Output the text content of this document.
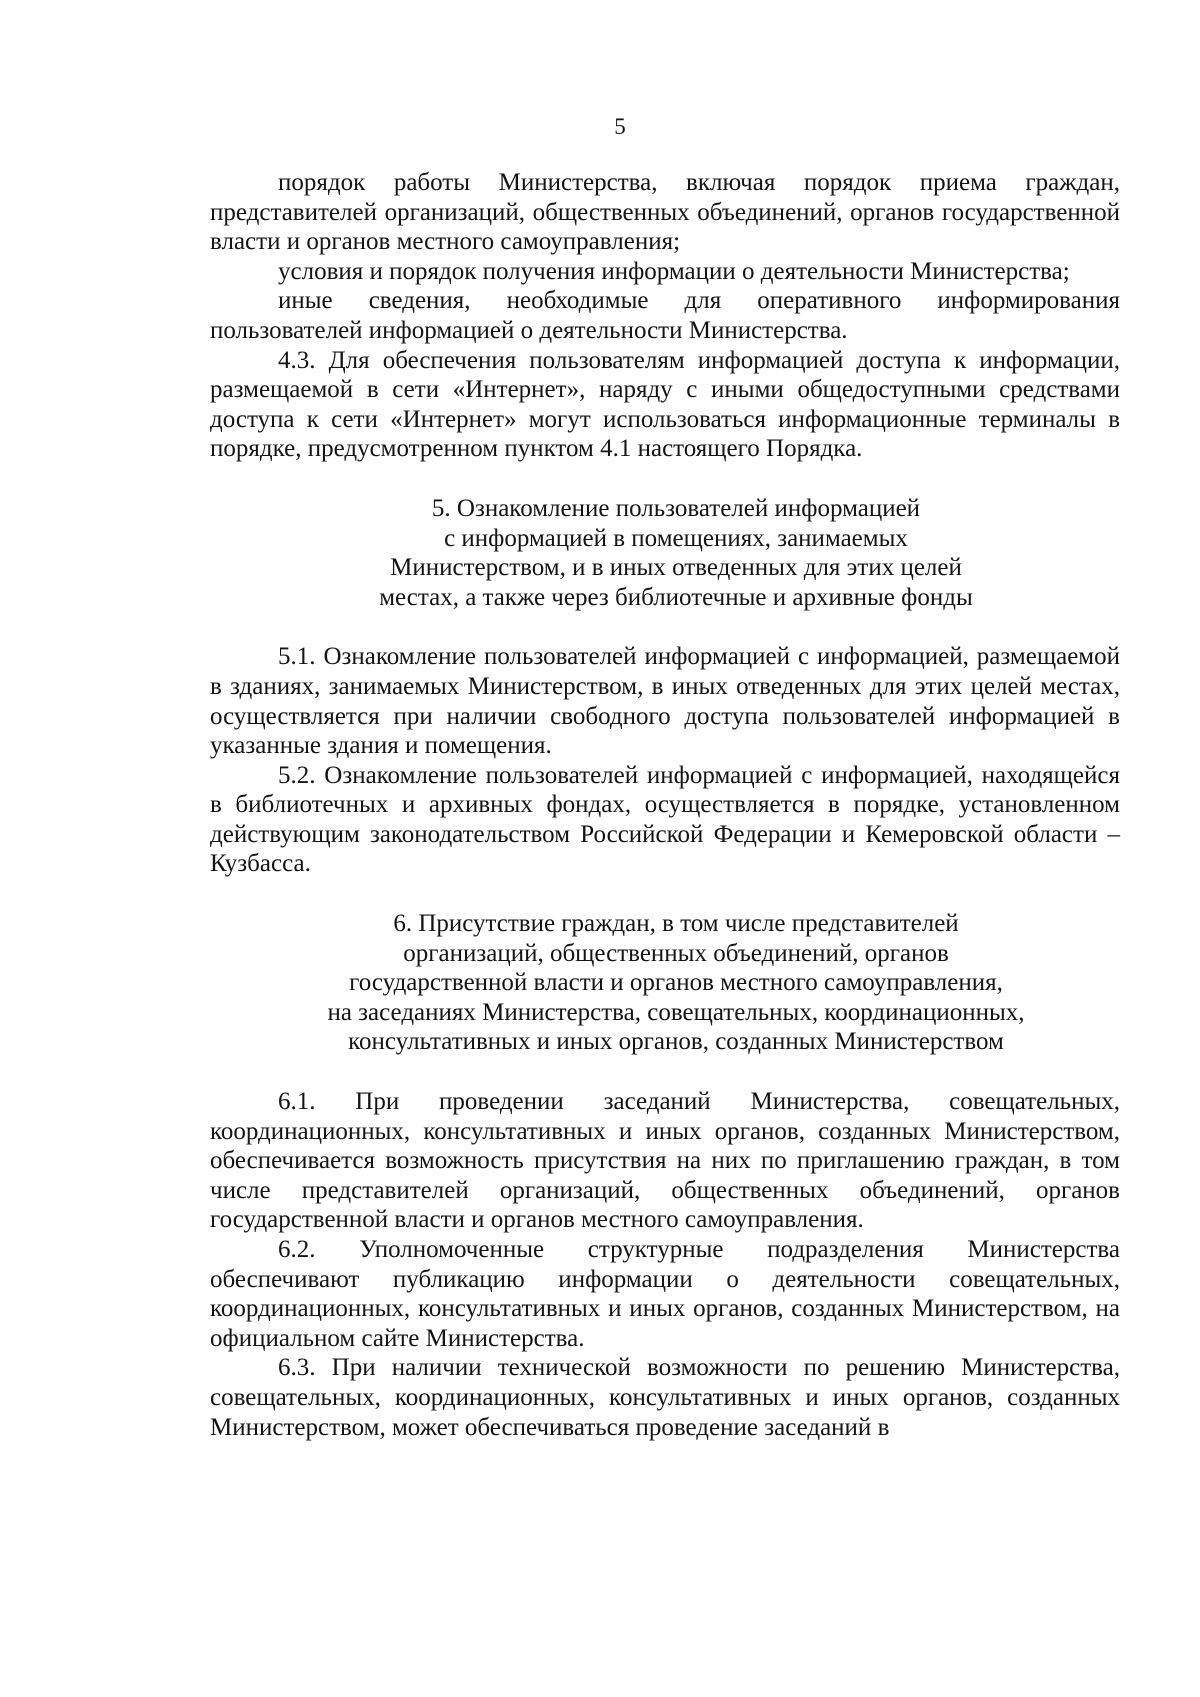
5

порядок работы Министерства, включая порядок приема граждан, представителей организаций, общественных объединений, органов государственной власти и органов местного самоуправления;

условия и порядок получения информации о деятельности Министерства;

иные сведения, необходимые для оперативного информирования пользователей информацией о деятельности Министерства.

4.3. Для обеспечения пользователям информацией доступа к информации, размещаемой в сети «Интернет», наряду с иными общедоступными средствами доступа к сети «Интернет» могут использоваться информационные терминалы в порядке, предусмотренном пунктом 4.1 настоящего Порядка.

5. Ознакомление пользователей информацией
с информацией в помещениях, занимаемых
Министерством, и в иных отведенных для этих целей
местах, а также через библиотечные и архивные фонды

5.1. Ознакомление пользователей информацией с информацией, размещаемой в зданиях, занимаемых Министерством, в иных отведенных для этих целей местах, осуществляется при наличии свободного доступа пользователей информацией в указанные здания и помещения.

5.2. Ознакомление пользователей информацией с информацией, находящейся в библиотечных и архивных фондах, осуществляется в порядке, установленном действующим законодательством Российской Федерации и Кемеровской области – Кузбасса.

6. Присутствие граждан, в том числе представителей
организаций, общественных объединений, органов
государственной власти и органов местного самоуправления,
на заседаниях Министерства, совещательных, координационных,
консультативных и иных органов, созданных Министерством

6.1. При проведении заседаний Министерства, совещательных, координационных, консультативных и иных органов, созданных Министерством, обеспечивается возможность присутствия на них по приглашению граждан, в том числе представителей организаций, общественных объединений, органов государственной власти и органов местного самоуправления.

6.2. Уполномоченные структурные подразделения Министерства обеспечивают публикацию информации о деятельности совещательных, координационных, консультативных и иных органов, созданных Министерством, на официальном сайте Министерства.

6.3. При наличии технической возможности по решению Министерства, совещательных, координационных, консультативных и иных органов, созданных Министерством, может обеспечиваться проведение заседаний в
